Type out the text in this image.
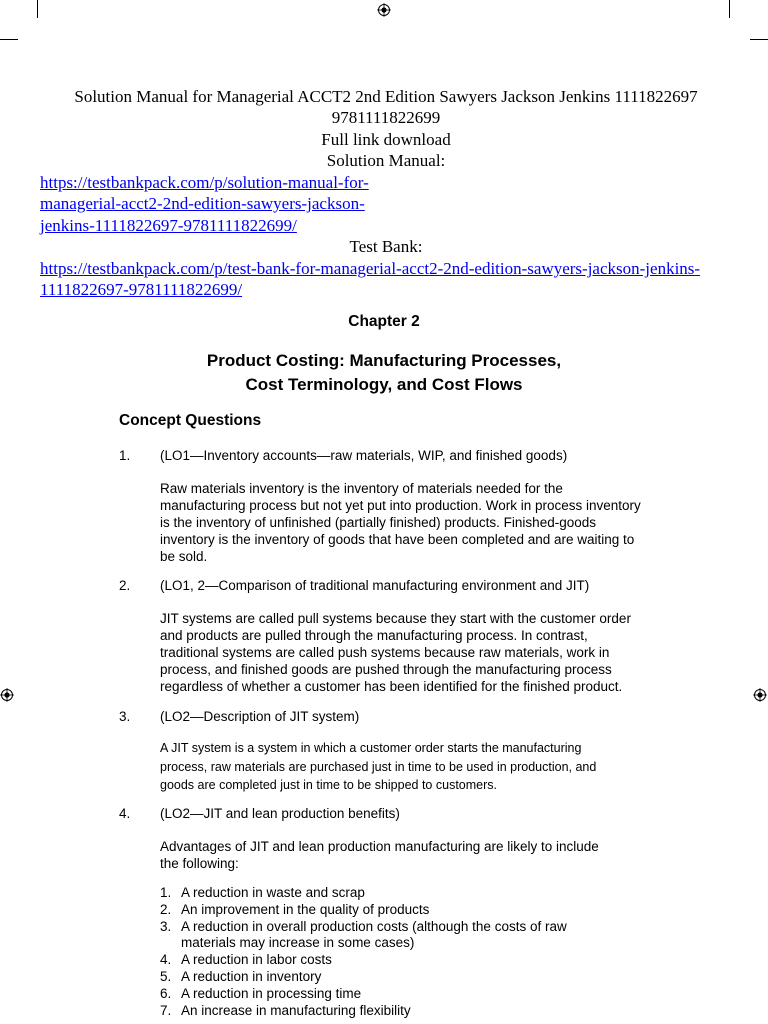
Solution Manual for Managerial ACCT2 2nd Edition Sawyers Jackson Jenkins 1111822697
9781111822699
Full link download
Solution Manual:
https://testbankpack.com/p/solution-manual-for-
managerial-acct2-2nd-edition-sawyers-jackson-
jenkins-1111822697-9781111822699/
Test Bank:
https://testbankpack.com/p/test-bank-for-managerial-acct2-2nd-edition-sawyers-jackson-jenkins-
1111822697-9781111822699/
Chapter 2
Product Costing: Manufacturing Processes,
Cost Terminology, and Cost Flows
Concept Questions
1. (LO1—Inventory accounts—raw materials, WIP, and finished goods)
Raw materials inventory is the inventory of materials needed for the
manufacturing process but not yet put into production. Work in process inventory
is the inventory of unfinished (partially finished) products. Finished-goods
inventory is the inventory of goods that have been completed and are waiting to
be sold.
2. (LO1, 2—Comparison of traditional manufacturing environment and JIT)
JIT systems are called pull systems because they start with the customer order
and products are pulled through the manufacturing process. In contrast,
traditional systems are called push systems because raw materials, work in
process, and finished goods are pushed through the manufacturing process
regardless of whether a customer has been identified for the finished product.
3. (LO2—Description of JIT system)
A JIT system is a system in which a customer order starts the manufacturing
process, raw materials are purchased just in time to be used in production, and
goods are completed just in time to be shipped to customers.
4. (LO2—JIT and lean production benefits)
Advantages of JIT and lean production manufacturing are likely to include
the following:
1. A reduction in waste and scrap
2. An improvement in the quality of products
3. A reduction in overall production costs (although the costs of raw
materials may increase in some cases)
4. A reduction in labor costs
5. A reduction in inventory
6. A reduction in processing time
7. An increase in manufacturing flexibility
